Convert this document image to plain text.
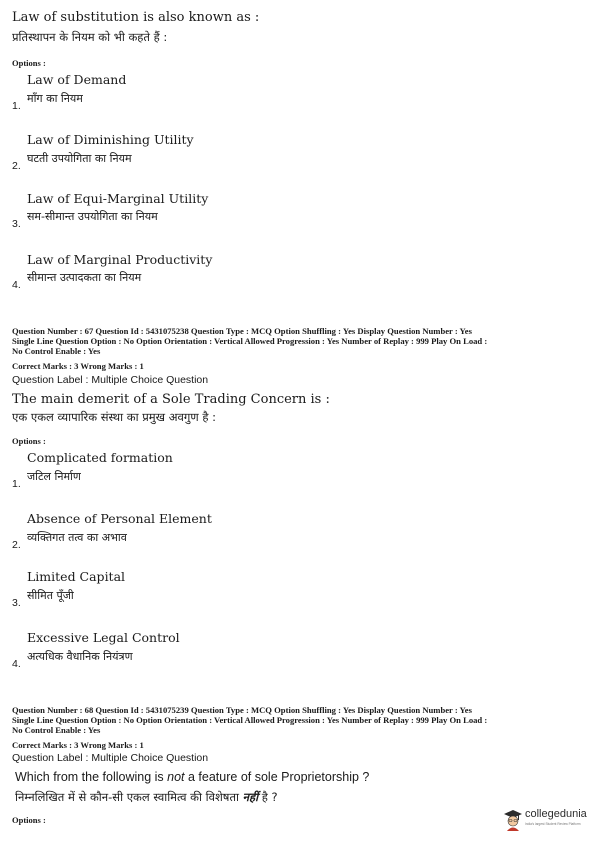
Law of substitution is also known as :
प्रतिस्थापन के नियम को भी कहते हैं :
Options :
Law of Demand
माँग का नियम
1.
Law of Diminishing Utility
घटती उपयोगिता का नियम
2.
Law of Equi-Marginal Utility
सम-सीमान्त उपयोगिता का नियम
3.
Law of Marginal Productivity
सीमान्त उत्पादकता का नियम
4.
Question Number : 67 Question Id : 5431075238 Question Type : MCQ Option Shuffling : Yes Display Question Number : Yes
Single Line Question Option : No Option Orientation : Vertical Allowed Progression : Yes Number of Replay : 999 Play On Load :
No Control Enable : Yes
Correct Marks : 3 Wrong Marks : 1
Question Label : Multiple Choice Question
The main demerit of a Sole Trading Concern is :
एक एकल व्यापारिक संस्था का प्रमुख अवगुण है :
Options :
Complicated formation
जटिल निर्माण
1.
Absence of Personal Element
व्यक्तिगत तत्व का अभाव
2.
Limited Capital
सीमित पूँजी
3.
Excessive Legal Control
अत्यधिक वैधानिक नियंत्रण
4.
Question Number : 68 Question Id : 5431075239 Question Type : MCQ Option Shuffling : Yes Display Question Number : Yes
Single Line Question Option : No Option Orientation : Vertical Allowed Progression : Yes Number of Replay : 999 Play On Load :
No Control Enable : Yes
Correct Marks : 3 Wrong Marks : 1
Question Label : Multiple Choice Question
Which from the following is not a feature of sole Proprietorship ?
निम्नलिखित में से कौन-सी एकल स्वामित्व की विशेषता नहीं है ?
Options :	collegedunia
India's largest Student Review Platform
